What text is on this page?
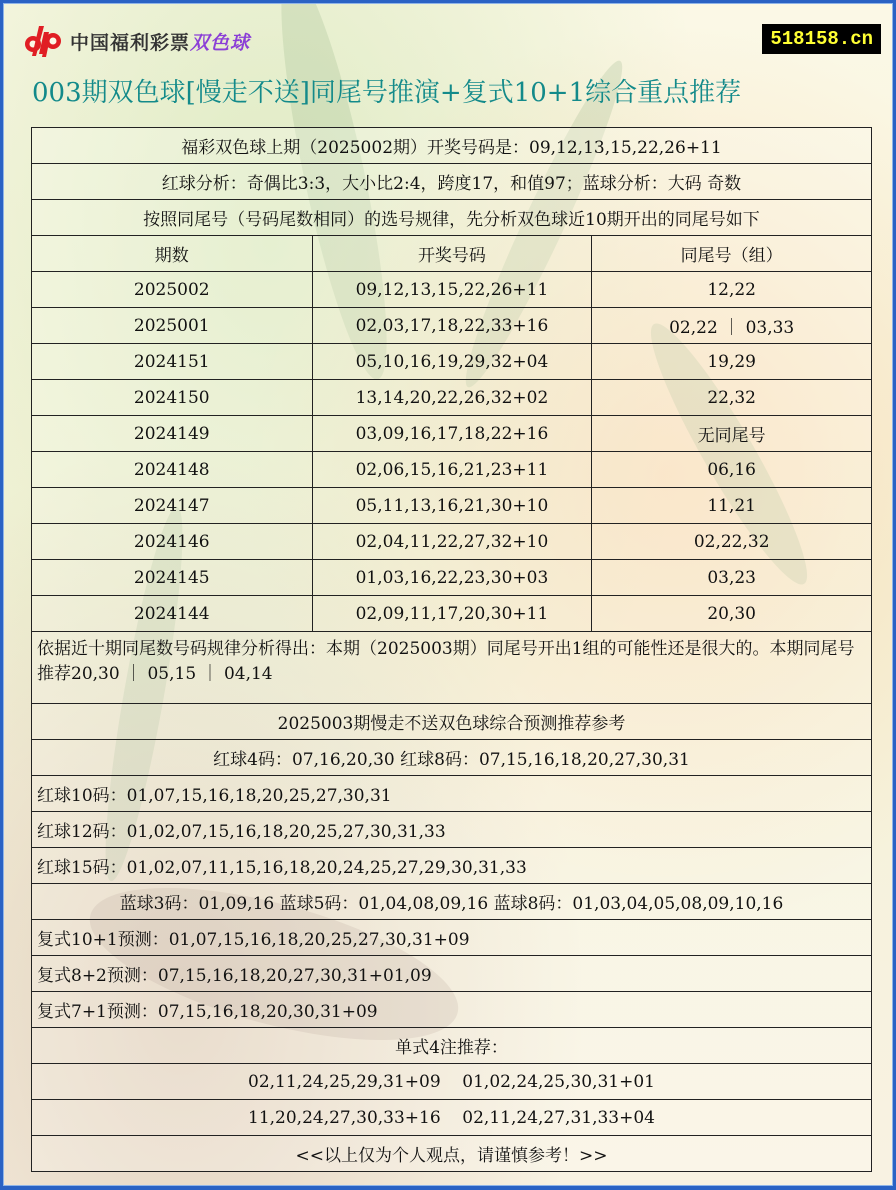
中国福利彩票 双色球	518158.cn
003期双色球[慢走不送]同尾号推演+复式10+1综合重点推荐
福彩双色球上期（2025002期）开奖号码是：09,12,13,15,22,26+11		
红球分析：奇偶比3:3，大小比2:4，跨度17，和值97；蓝球分析：大码 奇数		
按照同尾号（号码尾数相同）的选号规律，先分析双色球近10期开出的同尾号如下		
期数	开奖号码	同尾号（组）
2025002	09,12,13,15,22,26+11	12,22
2025001	02,03,17,18,22,33+16	02,22 ｜ 03,33
2024151	05,10,16,19,29,32+04	19,29
2024150	13,14,20,22,26,32+02	22,32
2024149	03,09,16,17,18,22+16	无同尾号
2024148	02,06,15,16,21,23+11	06,16
2024147	05,11,13,16,21,30+10	11,21
2024146	02,04,11,22,27,32+10	02,22,32
2024145	01,03,16,22,23,30+03	03,23
2024144	02,09,11,17,20,30+11	20,30
依据近十期同尾数号码规律分析得出：本期（2025003期）同尾号开出1组的可能性还是很大的。本期同尾号推荐20,30 ｜ 05,15 ｜ 04,14		
2025003期慢走不送双色球综合预测推荐参考		
红球4码：07,16,20,30 红球8码：07,15,16,18,20,27,30,31		
红球10码：01,07,15,16,18,20,25,27,30,31		
红球12码：01,02,07,15,16,18,20,25,27,30,31,33		
红球15码：01,02,07,11,15,16,18,20,24,25,27,29,30,31,33		
蓝球3码：01,09,16 蓝球5码：01,04,08,09,16 蓝球8码：01,03,04,05,08,09,10,16		
复式10+1预测：01,07,15,16,18,20,25,27,30,31+09		
复式8+2预测：07,15,16,18,20,27,30,31+01,09		
复式7+1预测：07,15,16,18,20,30,31+09		
单式4注推荐：		
02,11,24,25,29,31+09    01,02,24,25,30,31+01		
11,20,24,27,30,33+16    02,11,24,27,31,33+04		
<<以上仅为个人观点，请谨慎参考！>>		
